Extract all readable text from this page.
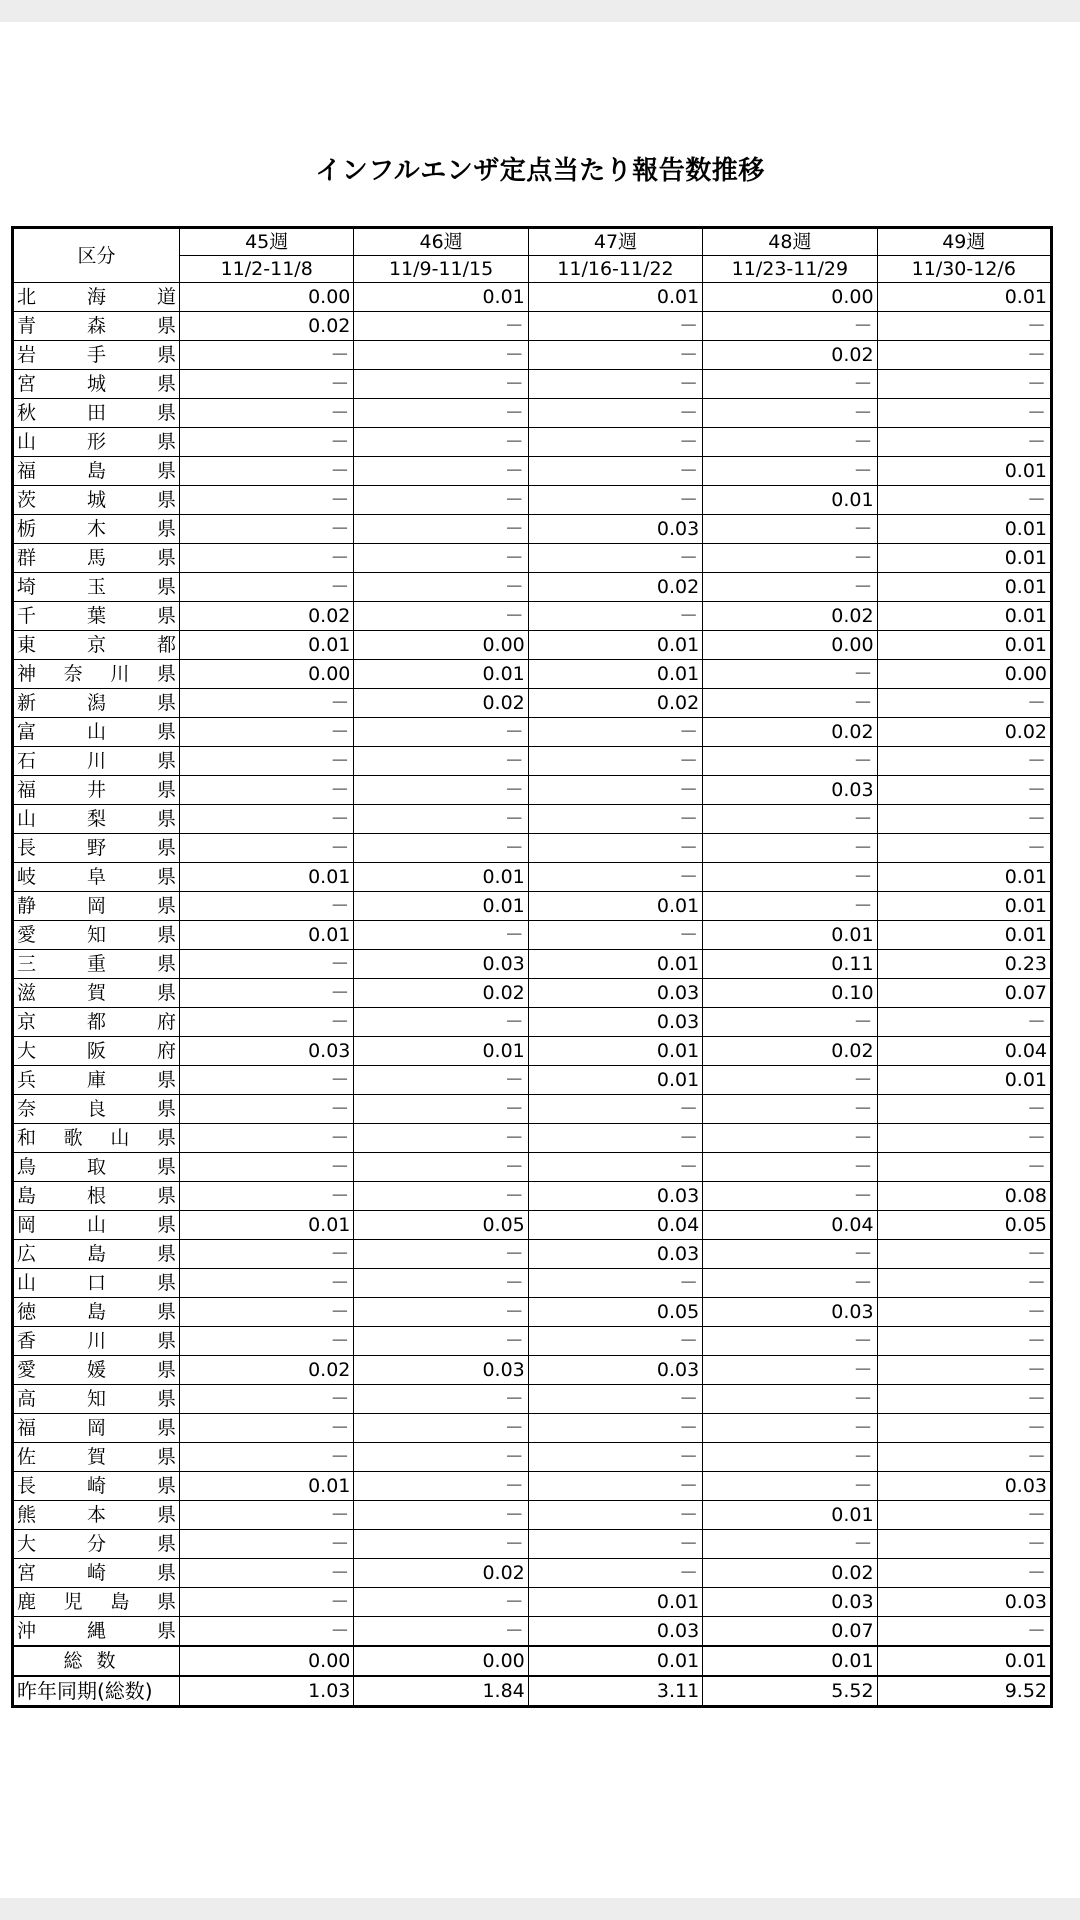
インフルエンザ定点当たり報告数推移
区分	45週	46週	47週	48週	49週
	11/2-11/8	11/9-11/15	11/16-11/22	11/23-11/29	11/30-12/6
北海道	0.00	0.01	0.01	0.00	0.01
青森県	0.02	－	－	－	－
岩手県	－	－	－	0.02	－
宮城県	－	－	－	－	－
秋田県	－	－	－	－	－
山形県	－	－	－	－	－
福島県	－	－	－	－	0.01
茨城県	－	－	－	0.01	－
栃木県	－	－	0.03	－	0.01
群馬県	－	－	－	－	0.01
埼玉県	－	－	0.02	－	0.01
千葉県	0.02	－	－	0.02	0.01
東京都	0.01	0.00	0.01	0.00	0.01
神奈川県	0.00	0.01	0.01	－	0.00
新潟県	－	0.02	0.02	－	－
富山県	－	－	－	0.02	0.02
石川県	－	－	－	－	－
福井県	－	－	－	0.03	－
山梨県	－	－	－	－	－
長野県	－	－	－	－	－
岐阜県	0.01	0.01	－	－	0.01
静岡県	－	0.01	0.01	－	0.01
愛知県	0.01	－	－	0.01	0.01
三重県	－	0.03	0.01	0.11	0.23
滋賀県	－	0.02	0.03	0.10	0.07
京都府	－	－	0.03	－	－
大阪府	0.03	0.01	0.01	0.02	0.04
兵庫県	－	－	0.01	－	0.01
奈良県	－	－	－	－	－
和歌山県	－	－	－	－	－
鳥取県	－	－	－	－	－
島根県	－	－	0.03	－	0.08
岡山県	0.01	0.05	0.04	0.04	0.05
広島県	－	－	0.03	－	－
山口県	－	－	－	－	－
徳島県	－	－	0.05	0.03	－
香川県	－	－	－	－	－
愛媛県	0.02	0.03	0.03	－	－
高知県	－	－	－	－	－
福岡県	－	－	－	－	－
佐賀県	－	－	－	－	－
長崎県	0.01	－	－	－	0.03
熊本県	－	－	－	0.01	－
大分県	－	－	－	－	－
宮崎県	－	0.02	－	0.02	－
鹿児島県	－	－	0.01	0.03	0.03
沖縄県	－	－	0.03	0.07	－
総数	0.00	0.00	0.01	0.01	0.01
昨年同期(総数)	1.03	1.84	3.11	5.52	9.52
